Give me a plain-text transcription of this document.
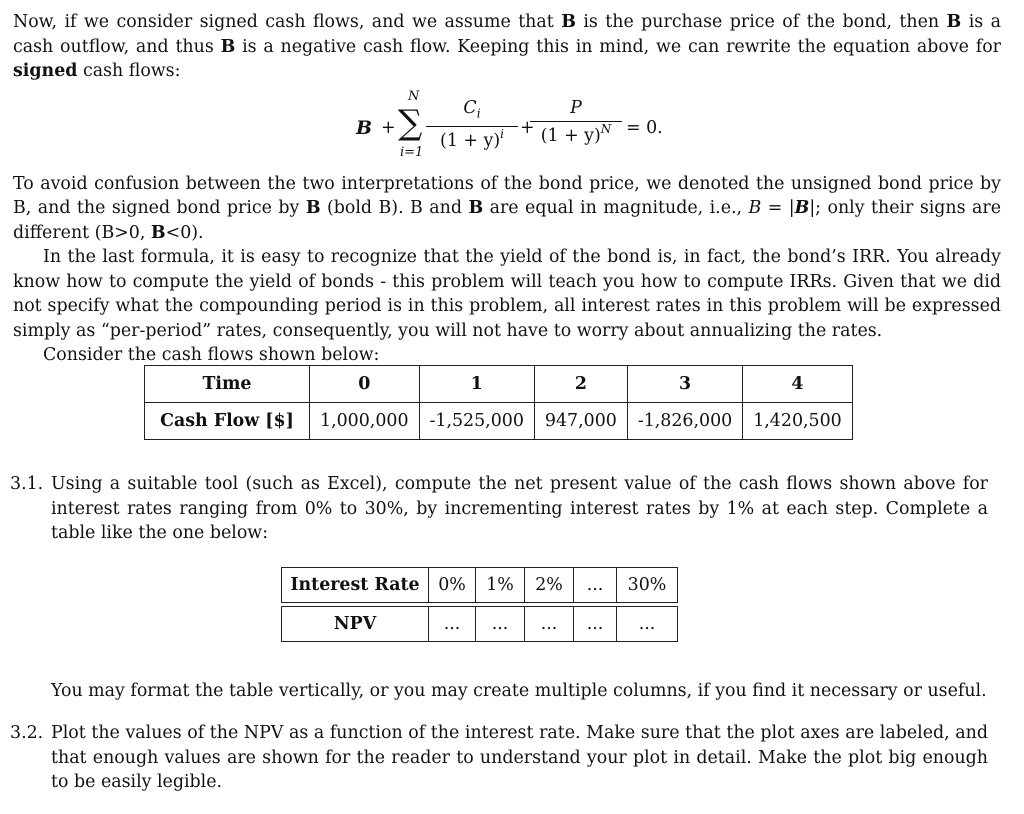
Now, if we consider signed cash flows, and we assume that B is the purchase price of the bond, then B is a cash outflow, and thus B is a negative cash flow. Keeping this in mind, we can rewrite the equation above for signed cash flows:

B +
N
∑
i=1
$C_i$
$(1 + y)^i$ +
P
$(1 + y)^N = 0$.

To avoid confusion between the two interpretations of the bond price, we denoted the unsigned bond price by B, and the signed bond price by B (bold B). B and B are equal in magnitude, i.e., B = |B|; only their signs are different (B>0, B<0).

In the last formula, it is easy to recognize that the yield of the bond is, in fact, the bond’s IRR. You already know how to compute the yield of bonds - this problem will teach you how to compute IRRs. Given that we did not specify what the compounding period is in this problem, all interest rates in this problem will be expressed simply as “per-period” rates, consequently, you will not have to worry about annualizing the rates.

Consider the cash flows shown below:

Time	0	1	2	3	4
Cash Flow [$]	1,000,000	-1,525,000	947,000	-1,826,000	1,420,500
3.1. Using a suitable tool (such as Excel), compute the net present value of the cash flows shown above for interest rates ranging from 0% to 30%, by incrementing interest rates by 1% at each step. Complete a table like the one below:

Interest Rate	0%	1%	2%	...	30%

NPV	...	...	...	...	...

You may format the table vertically, or you may create multiple columns, if you find it necessary or useful.

3.2. Plot the values of the NPV as a function of the interest rate. Make sure that the plot axes are labeled, and that enough values are shown for the reader to understand your plot in detail. Make the plot big enough to be easily legible.
